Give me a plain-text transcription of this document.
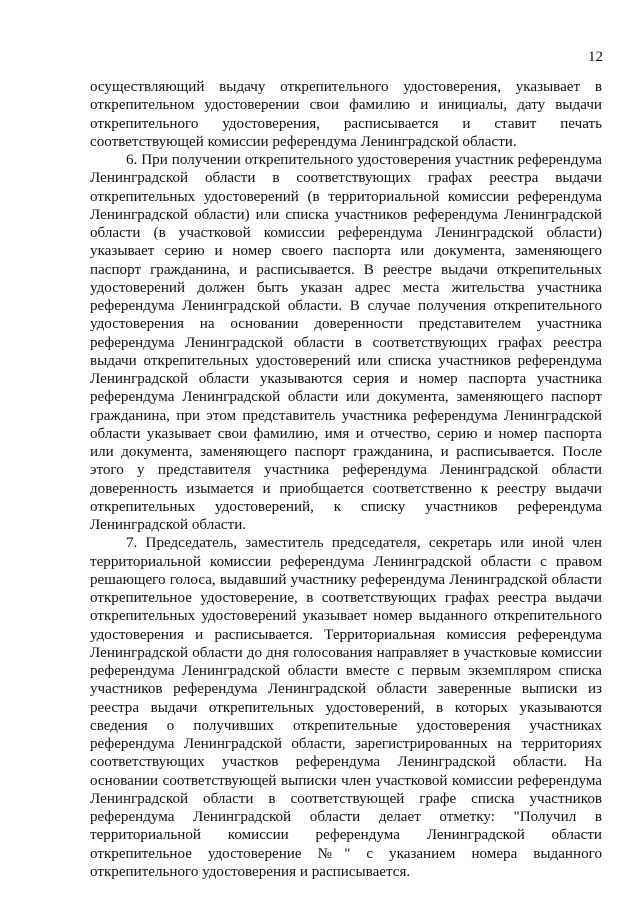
12

осуществляющий выдачу открепительного удостоверения, указывает в открепительном удостоверении свои фамилию и инициалы, дату выдачи открепительного удостоверения, расписывается и ставит печать соответствующей комиссии референдума Ленинградской области.

6. При получении открепительного удостоверения участник референдума Ленинградской области в соответствующих графах реестра выдачи открепительных удостоверений (в территориальной комиссии референдума Ленинградской области) или списка участников референдума Ленинградской области (в участковой комиссии референдума Ленинградской области) указывает серию и номер своего паспорта или документа, заменяющего паспорт гражданина, и расписывается. В реестре выдачи открепительных удостоверений должен быть указан адрес места жительства участника референдума Ленинградской области. В случае получения открепительного удостоверения на основании доверенности представителем участника референдума Ленинградской области в соответствующих графах реестра выдачи открепительных удостоверений или списка участников референдума Ленинградской области указываются серия и номер паспорта участника референдума Ленинградской области или документа, заменяющего паспорт гражданина, при этом представитель участника референдума Ленинградской области указывает свои фамилию, имя и отчество, серию и номер паспорта или документа, заменяющего паспорт гражданина, и расписывается. После этого у представителя участника референдума Ленинградской области доверенность изымается и приобщается соответственно к реестру выдачи открепительных удостоверений, к списку участников референдума Ленинградской области.

7. Председатель, заместитель председателя, секретарь или иной член территориальной комиссии референдума Ленинградской области с правом решающего голоса, выдавший участнику референдума Ленинградской области открепительное удостоверение, в соответствующих графах реестра выдачи открепительных удостоверений указывает номер выданного открепительного удостоверения и расписывается. Территориальная комиссия референдума Ленинградской области до дня голосования направляет в участковые комиссии референдума Ленинградской области вместе с первым экземпляром списка участников референдума Ленинградской области заверенные выписки из реестра выдачи открепительных удостоверений, в которых указываются сведения о получивших открепительные удостоверения участниках референдума Ленинградской области, зарегистрированных на территориях соответствующих участков референдума Ленинградской области. На основании соответствующей выписки член участковой комиссии референдума Ленинградской области в соответствующей графе списка участников референдума Ленинградской области делает отметку: "Получил в территориальной комиссии референдума Ленинградской области открепительное удостоверение №" с указанием номера выданного открепительного удостоверения и расписывается.
